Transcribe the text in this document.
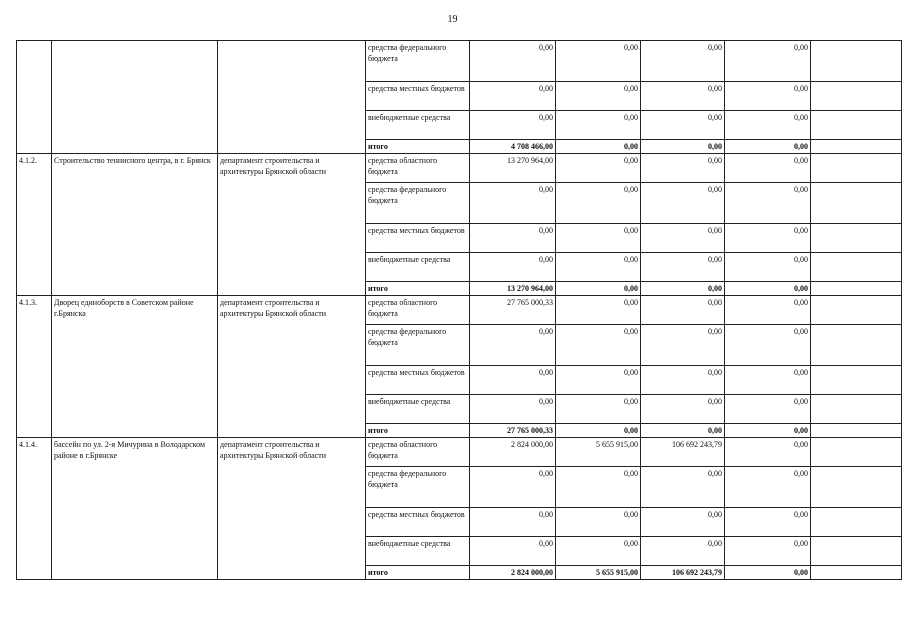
19
			средства федерального бюджета	0,00	0,00	0,00	0,00	
			средства местных бюджетов	0,00	0,00	0,00	0,00	
			внебюджетные средства	0,00	0,00	0,00	0,00	
			итого	4 708 466,00	0,00	0,00	0,00	
4.1.2.	Строительство теннисного центра, в г. Брянск	департамент строительства и архитектуры Брянской области	средства областного бюджета	13 270 964,00	0,00	0,00	0,00	
			средства федерального бюджета	0,00	0,00	0,00	0,00	
			средства местных бюджетов	0,00	0,00	0,00	0,00	
			внебюджетные средства	0,00	0,00	0,00	0,00	
			итого	13 270 964,00	0,00	0,00	0,00	
4.1.3.	Дворец единоборств в Советском районе г.Брянска	департамент строительства и архитектуры Брянской области	средства областного бюджета	27 765 000,33	0,00	0,00	0,00	
			средства федерального бюджета	0,00	0,00	0,00	0,00	
			средства местных бюджетов	0,00	0,00	0,00	0,00	
			внебюджетные средства	0,00	0,00	0,00	0,00	
			итого	27 765 000,33	0,00	0,00	0,00	
4.1.4.	бассейн по ул. 2-я Мичурина в Володарском районе в г.Брянске	департамент строительства и архитектуры Брянской области	средства областного бюджета	2 824 000,00	5 655 915,00	106 692 243,79	0,00	
			средства федерального бюджета	0,00	0,00	0,00	0,00	
			средства местных бюджетов	0,00	0,00	0,00	0,00	
			внебюджетные средства	0,00	0,00	0,00	0,00	
			итого	2 824 000,00	5 655 915,00	106 692 243,79	0,00	
